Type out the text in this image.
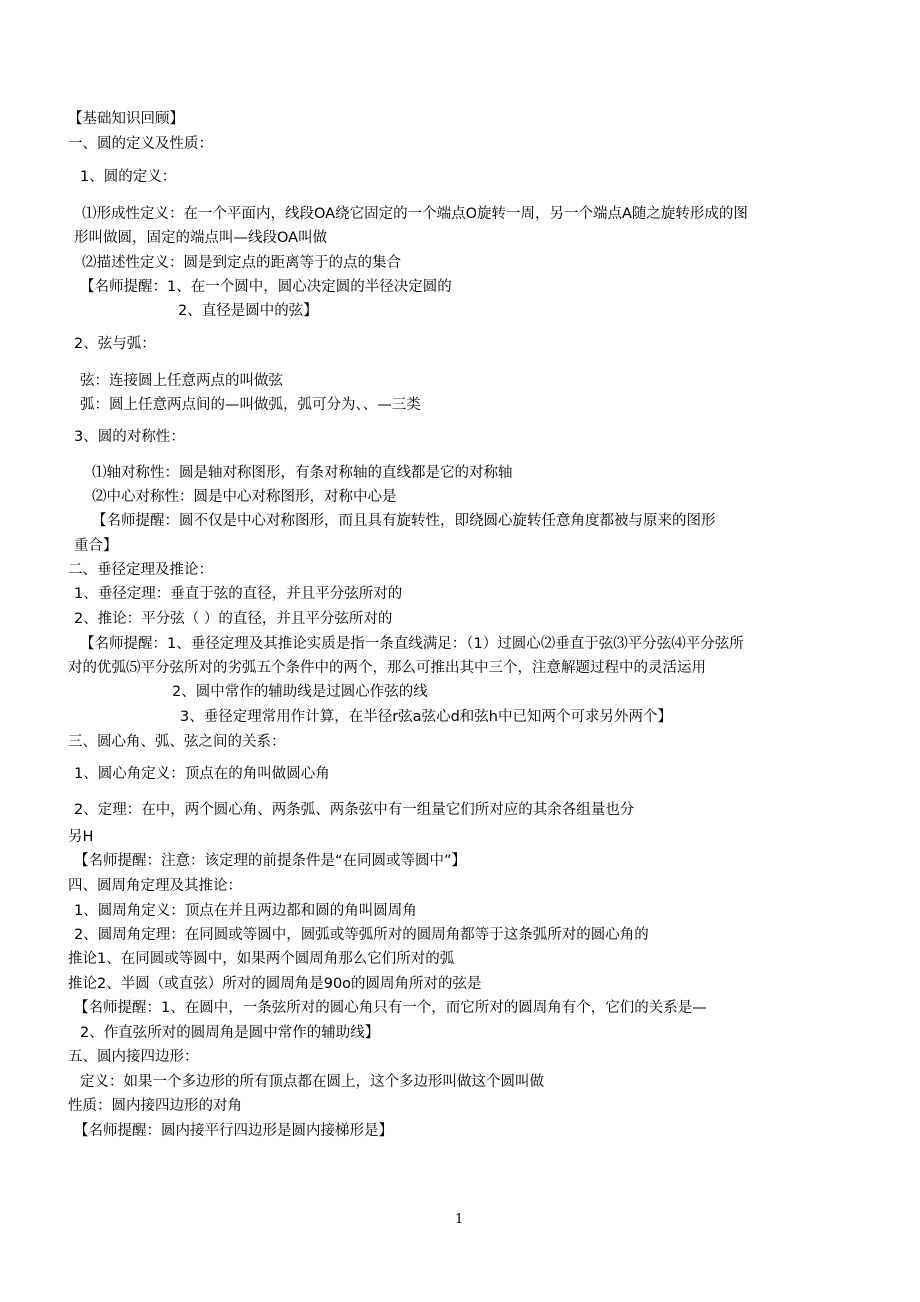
【基础知识回顾】
一、圆的定义及性质：
1、圆的定义：
⑴形成性定义：在一个平面内，线段OA绕它固定的一个端点O旋转一周，另一个端点A随之旋转形成的图
形叫做圆，固定的端点叫—线段OA叫做
⑵描述性定义：圆是到定点的距离等于的点的集合
【名师提醒：1、在一个圆中，圆心决定圆的半径决定圆的
2、直径是圆中的弦】
2、弦与弧：
弦：连接圆上任意两点的叫做弦
弧：圆上任意两点间的—叫做弧，弧可分为、、—三类
3、圆的对称性：
⑴轴对称性：圆是轴对称图形，有条对称轴的直线都是它的对称轴
⑵中心对称性：圆是中心对称图形，对称中心是
【名师提醒：圆不仅是中心对称图形，而且具有旋转性，即绕圆心旋转任意角度都被与原来的图形
重合】
二、垂径定理及推论：
1、垂径定理：垂直于弦的直径，并且平分弦所对的
2、推论：平分弦（ ）的直径，并且平分弦所对的
【名师提醒：1、垂径定理及其推论实质是指一条直线满足：（1）过圆心⑵垂直于弦⑶平分弦⑷平分弦所
对的优弧⑸平分弦所对的劣弧五个条件中的两个，那么可推出其中三个，注意解题过程中的灵活运用
2、圆中常作的辅助线是过圆心作弦的线
3、垂径定理常用作计算，在半径r弦a弦心d和弦h中已知两个可求另外两个】
三、圆心角、弧、弦之间的关系：
1、圆心角定义：顶点在的角叫做圆心角
2、定理：在中，两个圆心角、两条弧、两条弦中有一组量它们所对应的其余各组量也分
另H
【名师提醒：注意：该定理的前提条件是“在同圆或等圆中”】
四、圆周角定理及其推论：
1、圆周角定义：顶点在并且两边都和圆的角叫圆周角
2、圆周角定理：在同圆或等圆中，圆弧或等弧所对的圆周角都等于这条弧所对的圆心角的
推论1、在同圆或等圆中，如果两个圆周角那么它们所对的弧
推论2、半圆（或直弦）所对的圆周角是90o的圆周角所对的弦是
【名师提醒：1、在圆中，一条弦所对的圆心角只有一个，而它所对的圆周角有个，它们的关系是—
2、作直弦所对的圆周角是圆中常作的辅助线】
五、圆内接四边形：
定义：如果一个多边形的所有顶点都在圆上，这个多边形叫做这个圆叫做
性质：圆内接四边形的对角
【名师提醒：圆内接平行四边形是圆内接梯形是】
1
